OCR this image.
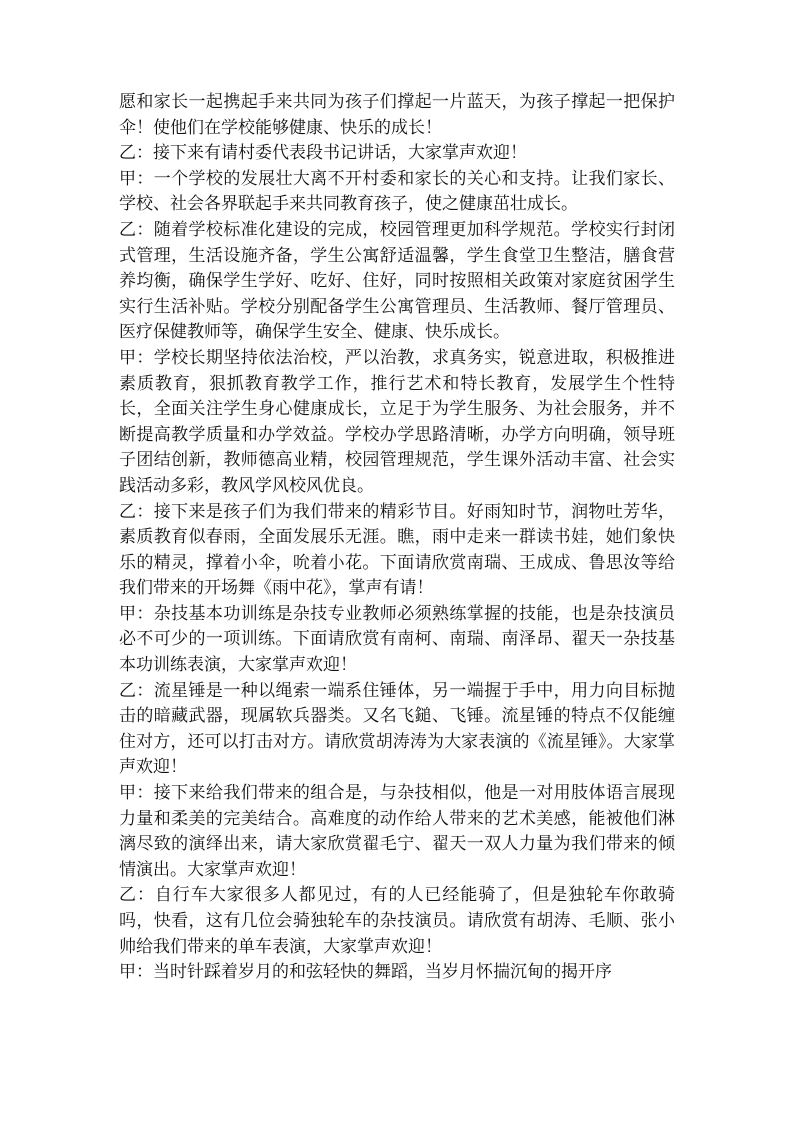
愿和家长一起携起手来共同为孩子们撑起一片蓝天，为孩子撑起一把保护伞！使他们在学校能够健康、快乐的成长！

乙：接下来有请村委代表段书记讲话，大家掌声欢迎！

甲：一个学校的发展壮大离不开村委和家长的关心和支持。让我们家长、学校、社会各界联起手来共同教育孩子，使之健康茁壮成长。

乙：随着学校标准化建设的完成，校园管理更加科学规范。学校实行封闭式管理，生活设施齐备，学生公寓舒适温馨，学生食堂卫生整洁，膳食营养均衡，确保学生学好、吃好、住好，同时按照相关政策对家庭贫困学生实行生活补贴。学校分别配备学生公寓管理员、生活教师、餐厅管理员、医疗保健教师等，确保学生安全、健康、快乐成长。

甲：学校长期坚持依法治校，严以治教，求真务实，锐意进取，积极推进素质教育，狠抓教育教学工作，推行艺术和特长教育，发展学生个性特长，全面关注学生身心健康成长，立足于为学生服务、为社会服务，并不断提高教学质量和办学效益。学校办学思路清晰，办学方向明确，领导班子团结创新，教师德高业精，校园管理规范，学生课外活动丰富、社会实践活动多彩，教风学风校风优良。

乙：接下来是孩子们为我们带来的精彩节目。好雨知时节，润物吐芳华，素质教育似春雨，全面发展乐无涯。瞧，雨中走来一群读书娃，她们象快乐的精灵，撑着小伞，吮着小花。下面请欣赏南瑞、王成成、鲁思汝等给我们带来的开场舞《雨中花》，掌声有请！

甲：杂技基本功训练是杂技专业教师必须熟练掌握的技能，也是杂技演员必不可少的一项训练。下面请欣赏有南柯、南瑞、南泽昂、翟天一杂技基本功训练表演，大家掌声欢迎！

乙：流星锤是一种以绳索一端系住锤体，另一端握于手中，用力向目标抛击的暗藏武器，现属软兵器类。又名飞鎚、飞锤。流星锤的特点不仅能缠住对方，还可以打击对方。请欣赏胡涛涛为大家表演的《流星锤》。大家掌声欢迎！

甲：接下来给我们带来的组合是，与杂技相似，他是一对用肢体语言展现力量和柔美的完美结合。高难度的动作给人带来的艺术美感，能被他们淋漓尽致的演绎出来，请大家欣赏翟毛宁、翟天一双人力量为我们带来的倾情演出。大家掌声欢迎！

乙：自行车大家很多人都见过，有的人已经能骑了，但是独轮车你敢骑吗，快看，这有几位会骑独轮车的杂技演员。请欣赏有胡涛、毛顺、张小帅给我们带来的单车表演，大家掌声欢迎！

甲：当时针踩着岁月的和弦轻快的舞蹈，当岁月怀揣沉甸的揭开序
